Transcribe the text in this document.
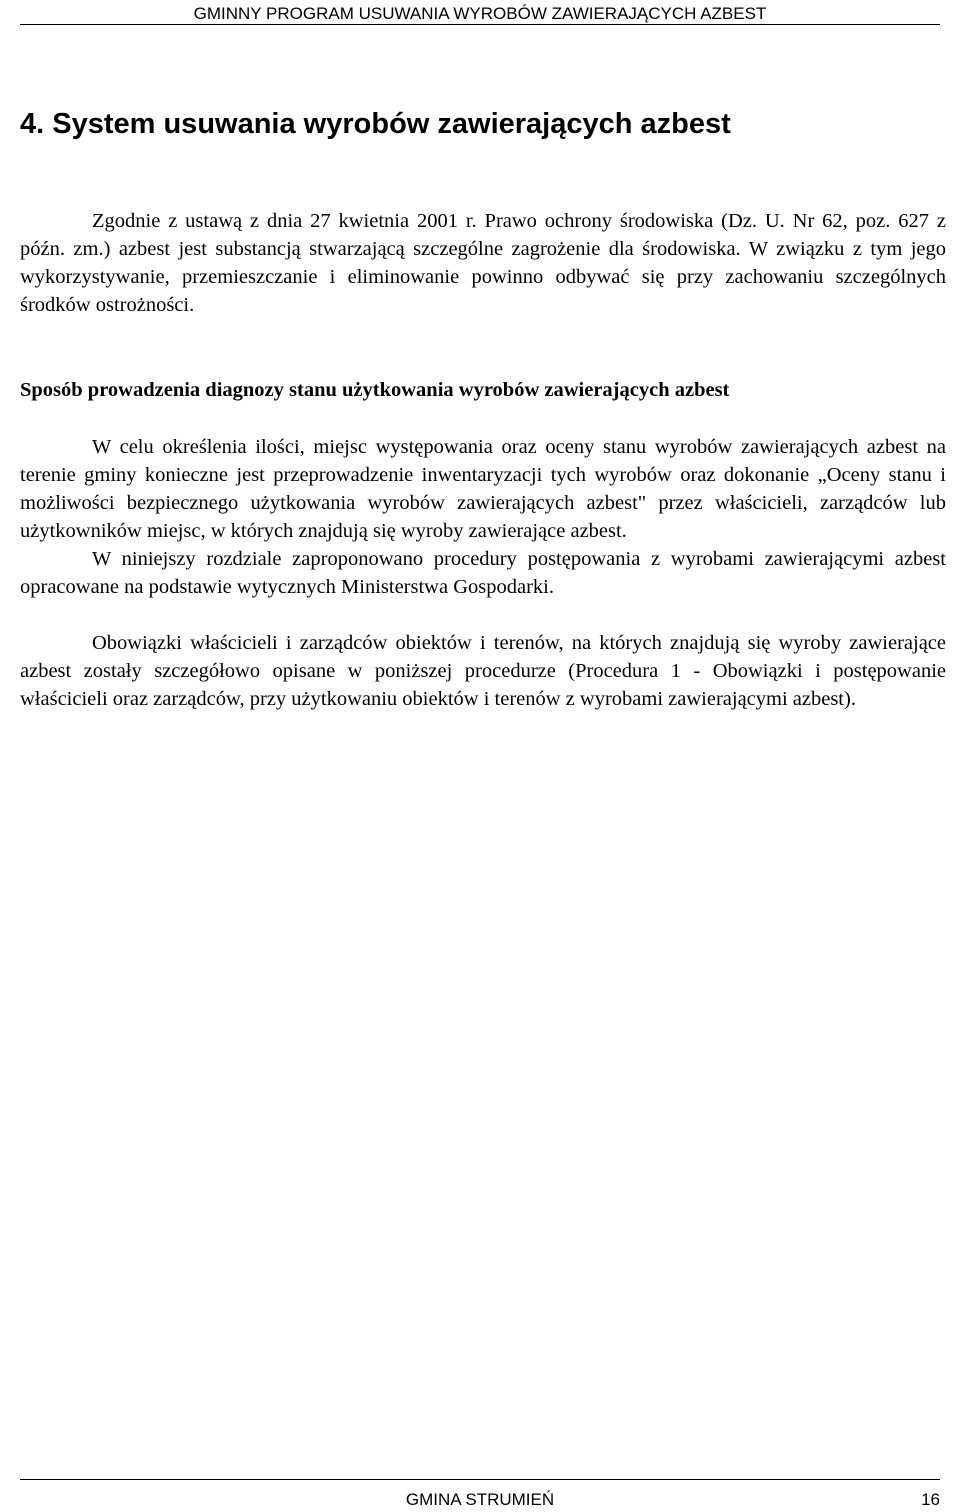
GMINNY PROGRAM USUWANIA WYROBÓW ZAWIERAJĄCYCH AZBEST
4. System usuwania wyrobów zawierających azbest

Zgodnie z ustawą z dnia 27 kwietnia 2001 r. Prawo ochrony środowiska (Dz. U. Nr 62, poz. 627 z późn. zm.) azbest jest substancją stwarzającą szczególne zagrożenie dla środowiska. W związku z tym jego wykorzystywanie, przemieszczanie i eliminowanie powinno odbywać się przy zachowaniu szczególnych środków ostrożności.

Sposób prowadzenia diagnozy stanu użytkowania wyrobów zawierających azbest

W celu określenia ilości, miejsc występowania oraz oceny stanu wyrobów zawierających azbest na terenie gminy konieczne jest przeprowadzenie inwentaryzacji tych wyrobów oraz dokonanie „Oceny stanu i możliwości bezpiecznego użytkowania wyrobów zawierających azbest" przez właścicieli, zarządców lub użytkowników miejsc, w których znajdują się wyroby zawierające azbest.

W niniejszy rozdziale zaproponowano procedury postępowania z wyrobami zawierającymi azbest opracowane na podstawie wytycznych Ministerstwa Gospodarki.

Obowiązki właścicieli i zarządców obiektów i terenów, na których znajdują się wyroby zawierające azbest zostały szczegółowo opisane w poniższej procedurze (Procedura 1 - Obowiązki i postępowanie właścicieli oraz zarządców, przy użytkowaniu obiektów i terenów z wyrobami zawierającymi azbest).

GMINA STRUMIEŃ	16
